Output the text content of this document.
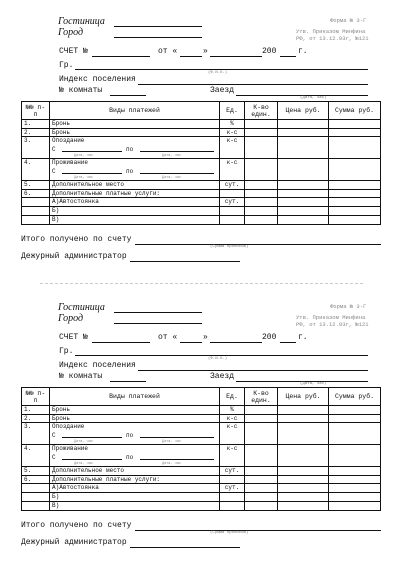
Гостиница
Город
Форма № 3-Г
Утв. Приказом Минфина
РФ, от 13.12.93г, №121
СЧЕТ №	от «	»	200	г.
Гр.
(Ф.И.О.)
Индекс поселения
№ комнаты	Заезд
(Дата, час)
№№ п-п	Виды платежей	Ед.	К-во един.	Цена руб.	Сумма руб.
1.	Бронь	%			
2.	Бронь	к-с			
3.	Опоздание
С по
Дата, час Дата, час	к-с			
4.	Проживание
С по
Дата, час Дата, час	к-с			
5.	Дополнительное место	сут.			
6.	Дополнительные платные услуги:				
	А)Автостоянка	сут.			
	Б)				
	В)				
Итого получено по счету
(Сумма прописью)
Дежурный администратор
Гостиница
Город
Форма № 3-Г
Утв. Приказом Минфина
РФ, от 13.12.93г, №121
СЧЕТ №	от «	»	200	г.
Гр.
(Ф.И.О.)
Индекс поселения
№ комнаты	Заезд
(Дата, час)
№№ п-п	Виды платежей	Ед.	К-во един.	Цена руб.	Сумма руб.
1.	Бронь	%			
2.	Бронь	к-с			
3.	Опоздание
С по
Дата, час Дата, час	к-с			
4.	Проживание
С по
Дата, час Дата, час	к-с			
5.	Дополнительное место	сут.			
6.	Дополнительные платные услуги:				
	А)Автостоянка	сут.			
	Б)				
	В)				
Итого получено по счету
(Сумма прописью)
Дежурный администратор
